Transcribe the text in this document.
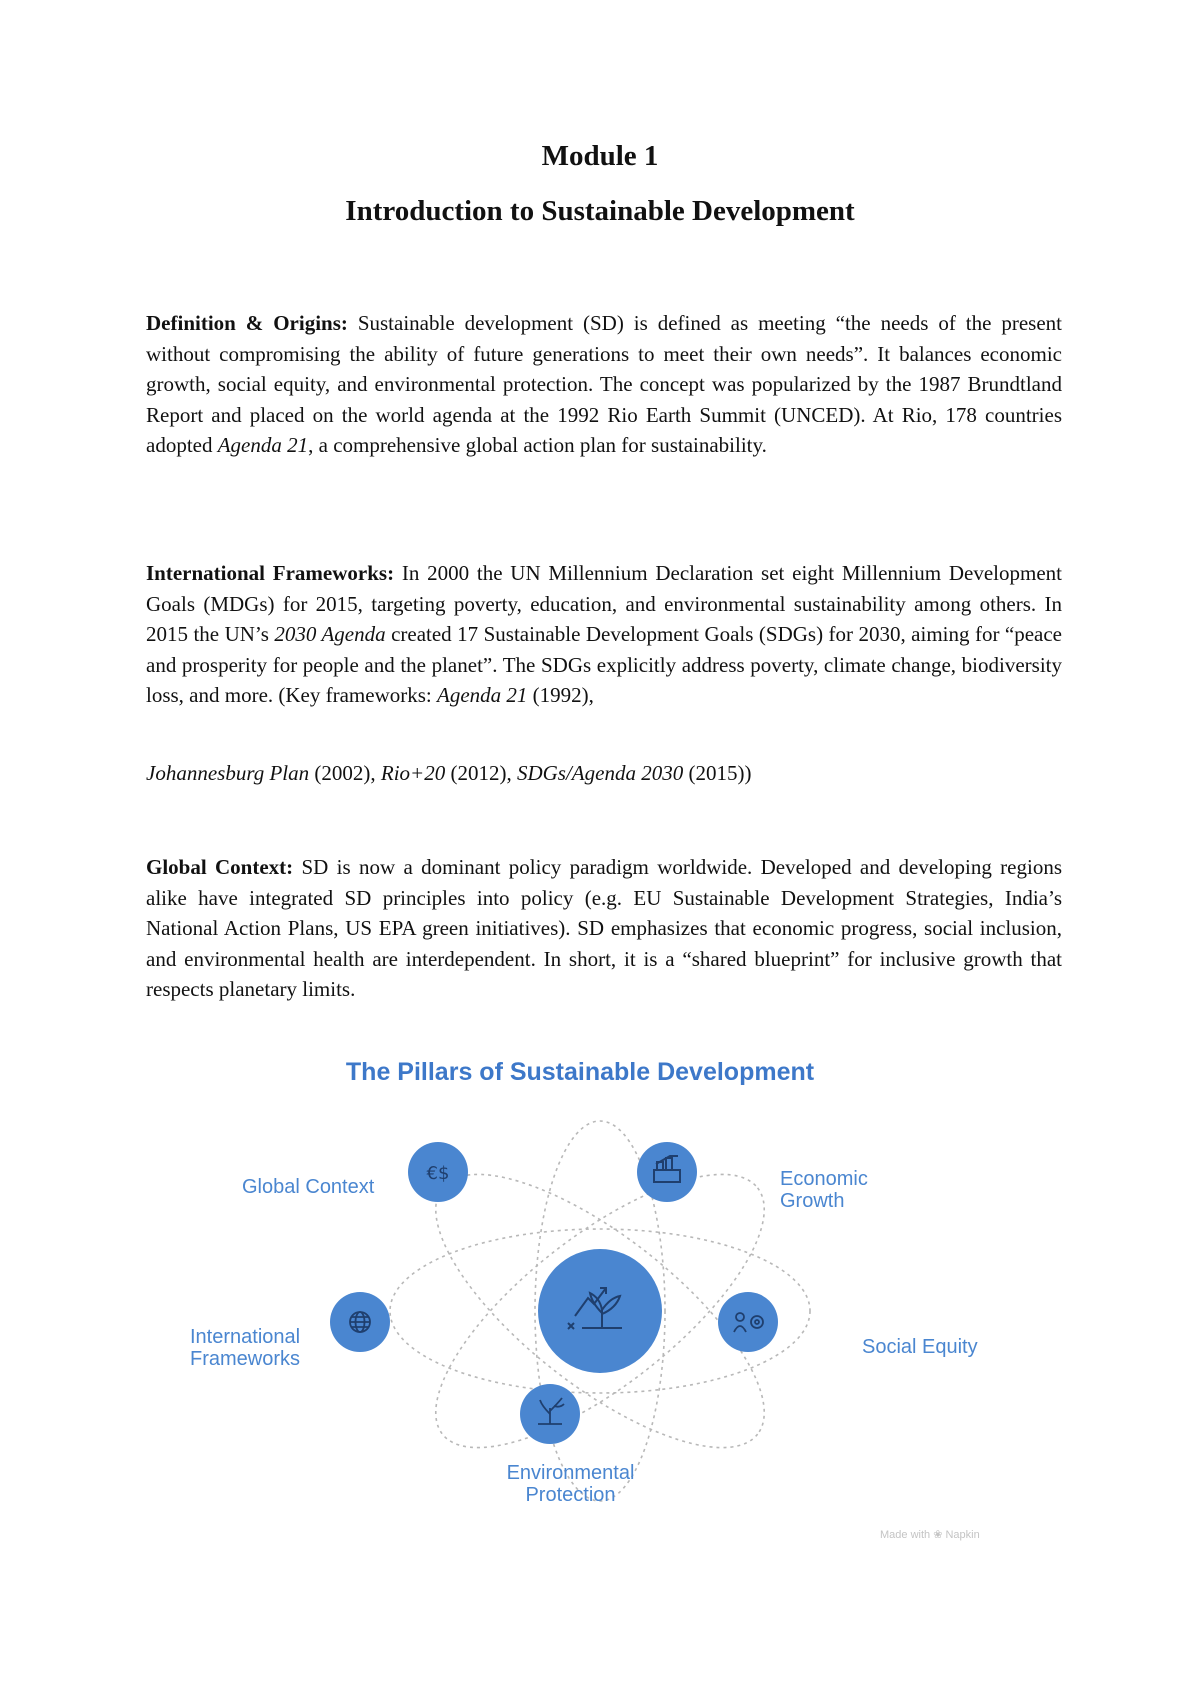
Module 1

Introduction to Sustainable Development

Definition & Origins: Sustainable development (SD) is defined as meeting “the needs of the present without compromising the ability of future generations to meet their own needs”. It balances economic growth, social equity, and environmental protection. The concept was popularized by the 1987 Brundtland Report and placed on the world agenda at the 1992 Rio Earth Summit (UNCED). At Rio, 178 countries adopted Agenda 21, a comprehensive global action plan for sustainability.

International Frameworks: In 2000 the UN Millennium Declaration set eight Millennium Development Goals (MDGs) for 2015, targeting poverty, education, and environmental sustainability among others. In 2015 the UN’s 2030 Agenda created 17 Sustainable Development Goals (SDGs) for 2030, aiming for “peace and prosperity for people and the planet”. The SDGs explicitly address poverty, climate change, biodiversity loss, and more. (Key frameworks: Agenda 21 (1992),

Johannesburg Plan (2002), Rio+20 (2012), SDGs/Agenda 2030 (2015))

Global Context: SD is now a dominant policy paradigm worldwide. Developed and developing regions alike have integrated SD principles into policy (e.g. EU Sustainable Development Strategies, India’s National Action Plans, US EPA green initiatives). SD emphasizes that economic progress, social inclusion, and environmental health are interdependent. In short, it is a “shared blueprint” for inclusive growth that respects planetary limits.

The Pillars of Sustainable Development
€$
Global Context	Economic
Growth
International
Frameworks
Social Equity
Environmental
Protection
Made with ❀ Napkin
